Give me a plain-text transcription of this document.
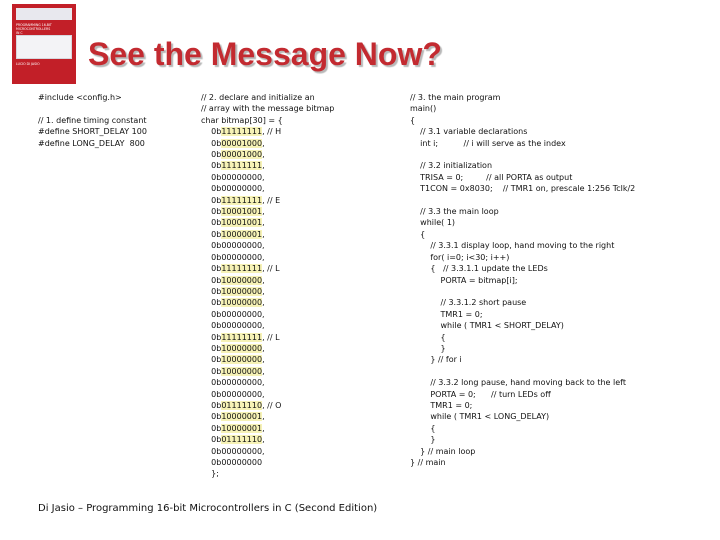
PROGRAMMING 16-BIT
MICROCONTROLLERS
IN C
LUCIO DI JASIO	See the Message Now?
#include <config.h>

// 1. define timing constant
#define SHORT_DELAY 100
#define LONG_DELAY  800
// 2. declare and initialize an
// array with the message bitmap
char bitmap[30] = {
0b11111111, // H
0b00001000,
0b00001000,
0b11111111,
0b00000000,
0b00000000,
0b11111111, // E
0b10001001,
0b10001001,
0b10000001,
0b00000000,
0b00000000,
0b11111111, // L
0b10000000,
0b10000000,
0b10000000,
0b00000000,
0b00000000,
0b11111111, // L
0b10000000,
0b10000000,
0b10000000,
0b00000000,
0b00000000,
0b01111110, // O
0b10000001,
0b10000001,
0b01111110,
0b00000000,
0b00000000
};
// 3. the main program
main()
{
// 3.1 variable declarations
int i;          // i will serve as the index

// 3.2 initialization
TRISA = 0;         // all PORTA as output
T1CON = 0x8030;    // TMR1 on, prescale 1:256 Tclk/2

// 3.3 the main loop
while( 1)
{
// 3.3.1 display loop, hand moving to the right
for( i=0; i<30; i++)
{   // 3.3.1.1 update the LEDs
PORTA = bitmap[i];

// 3.3.1.2 short pause
TMR1 = 0;
while ( TMR1 < SHORT_DELAY)
{
}
} // for i

// 3.3.2 long pause, hand moving back to the left
PORTA = 0;      // turn LEDs off
TMR1 = 0;
while ( TMR1 < LONG_DELAY)
{
}
} // main loop
} // main

Di Jasio – Programming 16-bit Microcontrollers in C (Second Edition)
